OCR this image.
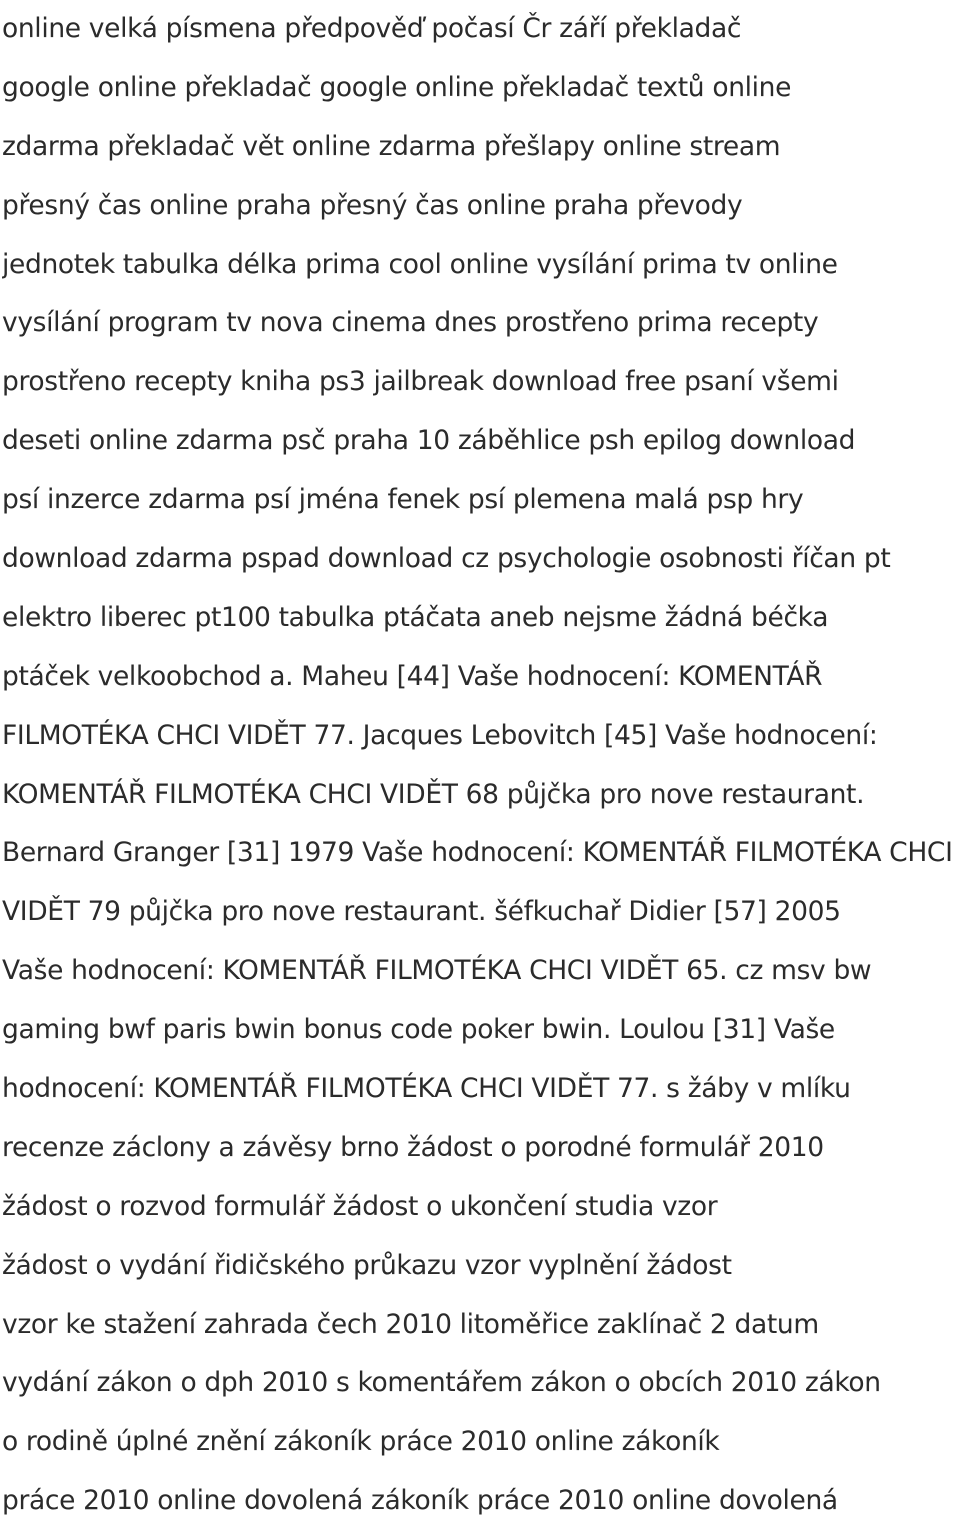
online velká písmena předpověď počasí Čr září překladač
google online překladač google online překladač textů online
zdarma překladač vět online zdarma přešlapy online stream
přesný čas online praha přesný čas online praha převody
jednotek tabulka délka prima cool online vysílání prima tv online
vysílání program tv nova cinema dnes prostřeno prima recepty
prostřeno recepty kniha ps3 jailbreak download free psaní všemi
deseti online zdarma psč praha 10 záběhlice psh epilog download
psí inzerce zdarma psí jména fenek psí plemena malá psp hry
download zdarma pspad download cz psychologie osobnosti říčan pt
elektro liberec pt100 tabulka ptáčata aneb nejsme žádná béčka
ptáček velkoobchod a. Maheu [44] Vaše hodnocení: KOMENTÁŘ
FILMOTÉKA CHCI VIDĚT 77. Jacques Lebovitch [45] Vaše hodnocení:
KOMENTÁŘ FILMOTÉKA CHCI VIDĚT 68 půjčka pro nove restaurant.
Bernard Granger [31] 1979 Vaše hodnocení: KOMENTÁŘ FILMOTÉKA CHCI
VIDĚT 79 půjčka pro nove restaurant. šéfkuchař Didier [57] 2005
Vaše hodnocení: KOMENTÁŘ FILMOTÉKA CHCI VIDĚT 65. cz msv bw
gaming bwf paris bwin bonus code poker bwin. Loulou [31] Vaše
hodnocení: KOMENTÁŘ FILMOTÉKA CHCI VIDĚT 77. s žáby v mlíku
recenze záclony a závěsy brno žádost o porodné formulář 2010
žádost o rozvod formulář žádost o ukončení studia vzor
žádost o vydání řidičského průkazu vzor vyplnění žádost
vzor ke stažení zahrada čech 2010 litoměřice zaklínač 2 datum
vydání zákon o dph 2010 s komentářem zákon o obcích 2010 zákon
o rodině úplné znění zákoník práce 2010 online zákoník
práce 2010 online dovolená zákoník práce 2010 online dovolená
